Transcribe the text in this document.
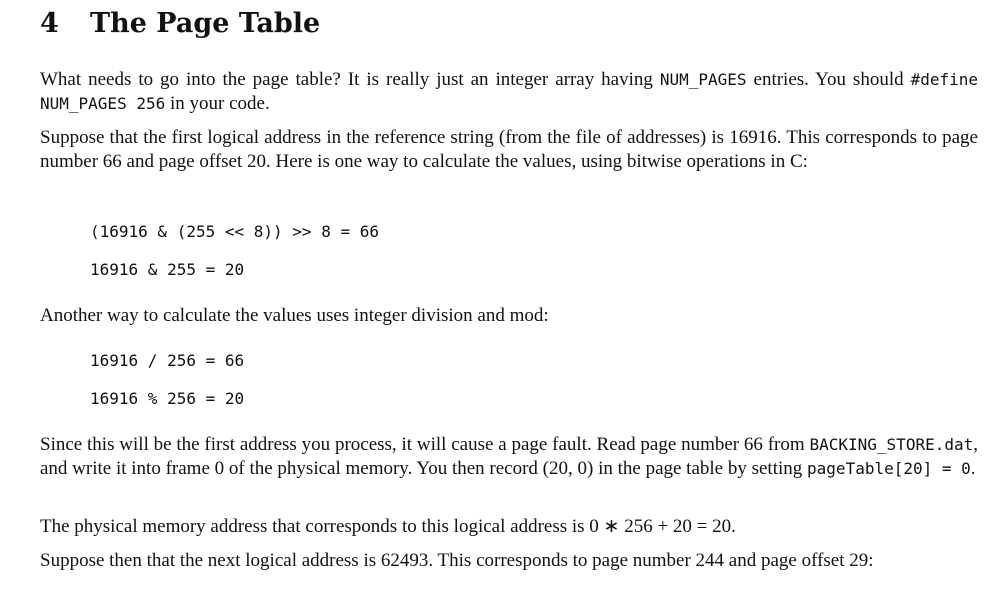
4 The Page Table

What needs to go into the page table? It is really just an integer array having NUM_PAGES entries. You should #define NUM_PAGES 256 in your code.

Suppose that the first logical address in the reference string (from the file of addresses) is 16916. This corresponds to page number 66 and page offset 20. Here is one way to calculate the values, using bitwise operations in C:

(16916 & (255 << 8)) >> 8 = 66
16916 & 255 = 20

Another way to calculate the values uses integer division and mod:

16916 / 256 = 66
16916 % 256 = 20

Since this will be the first address you process, it will cause a page fault. Read page number 66 from BACKING_STORE.dat, and write it into frame 0 of the physical memory. You then record (20, 0) in the page table by setting pageTable[20] = 0.

The physical memory address that corresponds to this logical address is 0 ∗ 256 + 20 = 20.

Suppose then that the next logical address is 62493. This corresponds to page number 244 and page offset 29:
